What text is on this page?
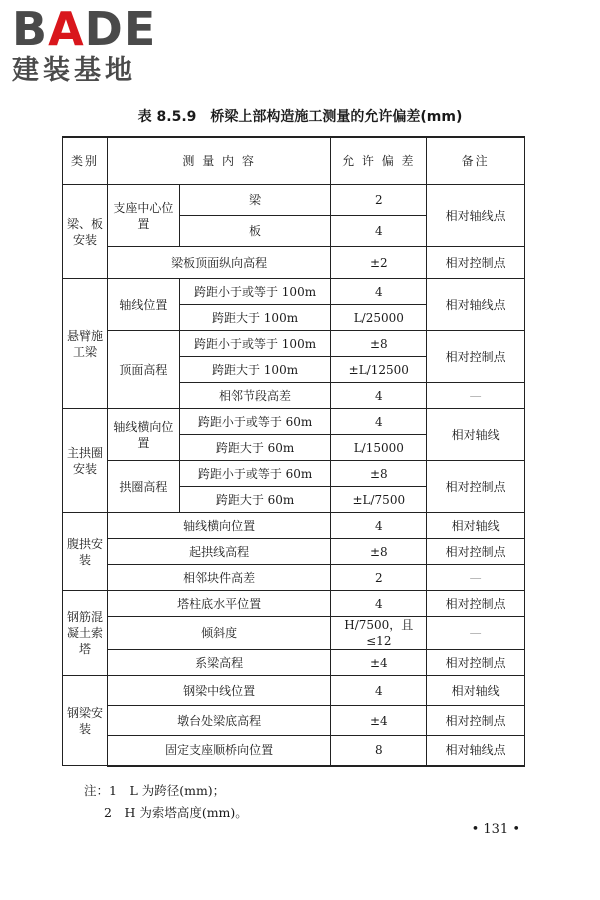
BADE
建装基地
表 8.5.9　桥梁上部构造施工测量的允许偏差(mm)
类别	测 量 内 容		允 许 偏 差	备注
梁、板安装	支座中心位置	梁	2	相对轴线点
		板	4	
	梁板顶面纵向高程		±2	相对控制点
悬臂施工梁	轴线位置	跨距小于或等于 100m	4	相对轴线点
		跨距大于 100m	L/25000	
	顶面高程	跨距小于或等于 100m	±8	相对控制点
		跨距大于 100m	±L/12500	
		相邻节段高差	4	—
主拱圈安装	轴线横向位置	跨距小于或等于 60m	4	相对轴线
		跨距大于 60m	L/15000	
	拱圈高程	跨距小于或等于 60m	±8	相对控制点
		跨距大于 60m	±L/7500	
腹拱安装	轴线横向位置		4	相对轴线
	起拱线高程		±8	相对控制点
	相邻块件高差		2	—
钢筋混凝土索塔	塔柱底水平位置		4	相对控制点
	倾斜度		H/7500，且≤12	—
	系梁高程		±4	相对控制点
钢梁安装	钢梁中线位置		4	相对轴线
	墩台处梁底高程		±4	相对控制点
	固定支座顺桥向位置		8	相对轴线点
注：1　L 为跨径(mm)；
2　H 为索塔高度(mm)。
• 131 •
